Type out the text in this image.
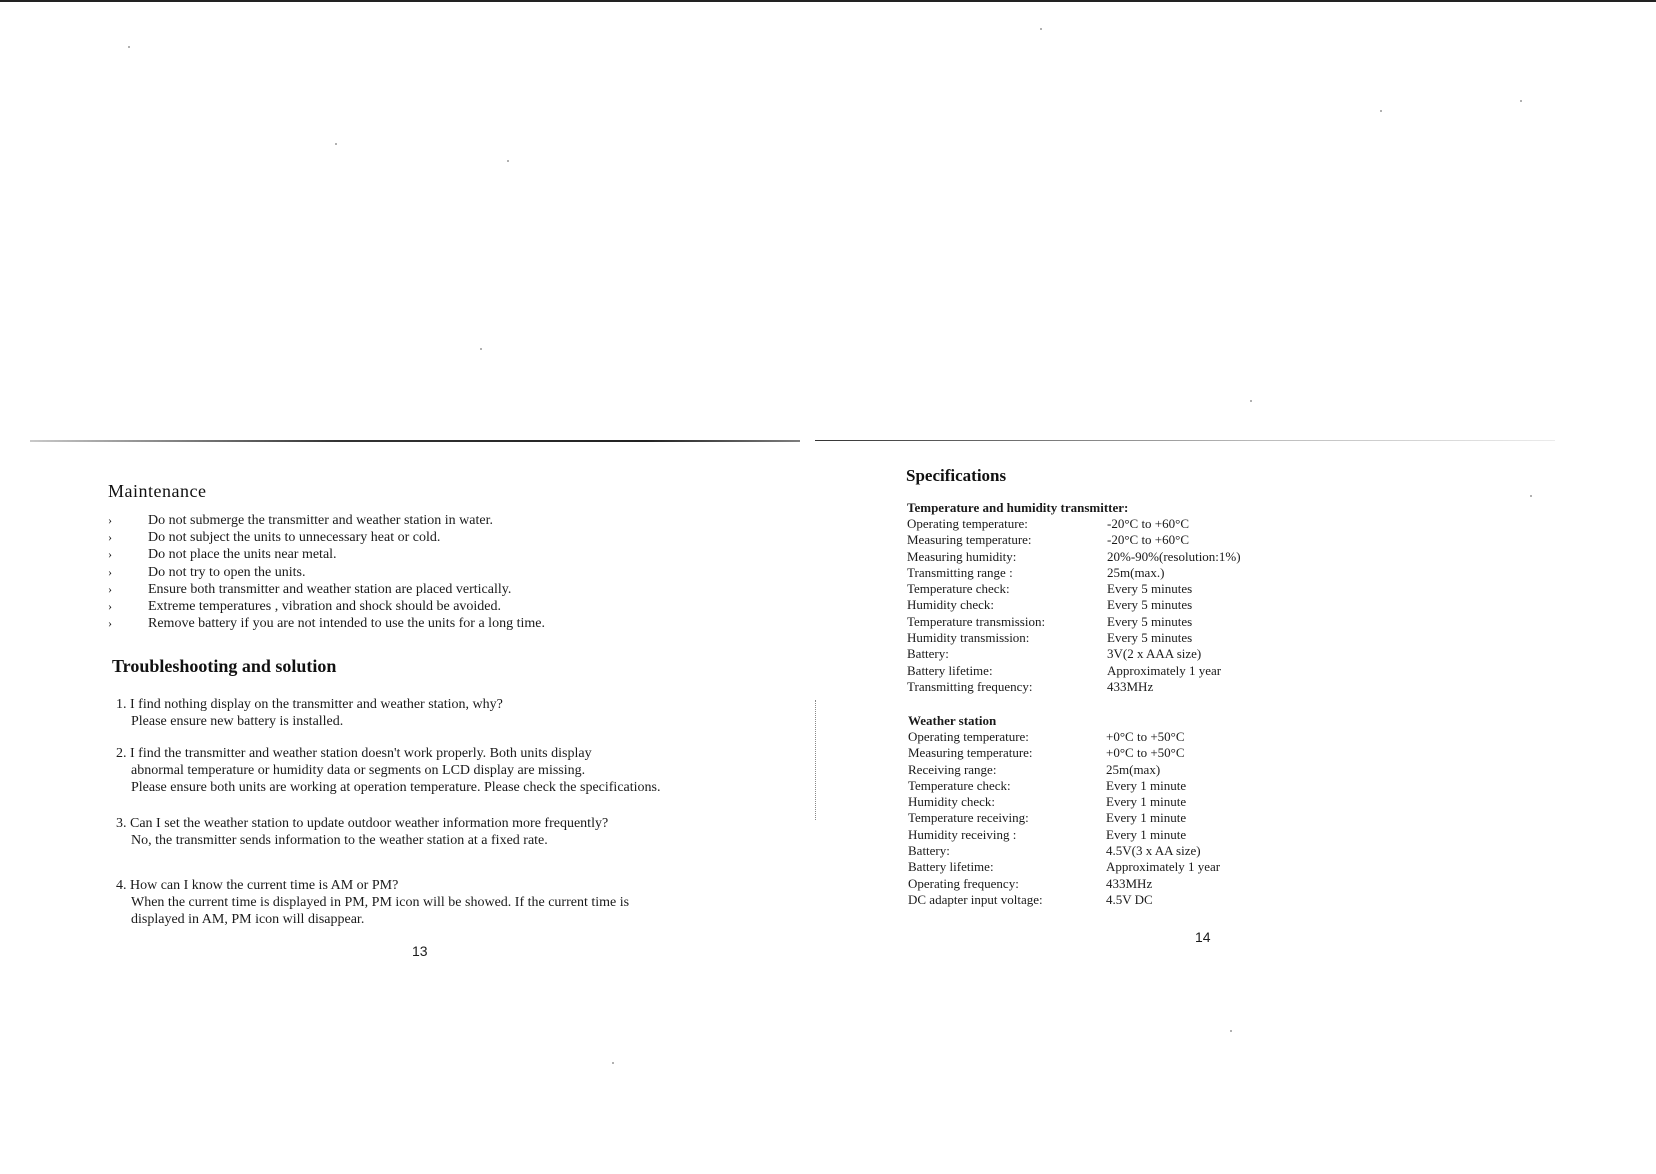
Maintenance
›	Do not submerge the transmitter and weather station in water.
›	Do not subject the units to unnecessary heat or cold.
›	Do not place the units near metal.
›	Do not try to open the units.
›	Ensure both transmitter and weather station are placed vertically.
›	Extreme temperatures , vibration and shock should be avoided.
›	Remove battery if you are not intended to use the units for a long time.
Troubleshooting and solution
1. I find nothing display on the transmitter and weather station, why?
Please ensure new battery is installed.
2. I find the transmitter and weather station doesn't work properly. Both units display
abnormal temperature or humidity data or segments on LCD display are missing.
Please ensure both units are working at operation temperature. Please check the specifications.
3. Can I set the weather station to update outdoor weather information more frequently?
No, the transmitter sends information to the weather station at a fixed rate.
4. How can I know the current time is AM or PM?
When the current time is displayed in PM, PM icon will be showed. If the current time is
displayed in AM, PM icon will disappear.
13
Specifications

Temperature and humidity transmitter:

Operating temperature:	-20°C to +60°C
Measuring temperature:	-20°C to +60°C
Measuring humidity:	20%-90%(resolution:1%)
Transmitting range :	25m(max.)
Temperature check:	Every 5 minutes
Humidity check:	Every 5 minutes
Temperature transmission:	Every 5 minutes
Humidity transmission:	Every 5 minutes
Battery:	3V(2 x AAA size)
Battery lifetime:	Approximately 1 year
Transmitting frequency:	433MHz

Weather station

Operating temperature:	+0°C to +50°C
Measuring temperature:	+0°C to +50°C
Receiving range:	25m(max)
Temperature check:	Every 1 minute
Humidity check:	Every 1 minute
Temperature receiving:	Every 1 minute
Humidity receiving :	Every 1 minute
Battery:	4.5V(3 x AA size)
Battery lifetime:	Approximately 1 year
Operating frequency:	433MHz
DC adapter input voltage:	4.5V DC
14
